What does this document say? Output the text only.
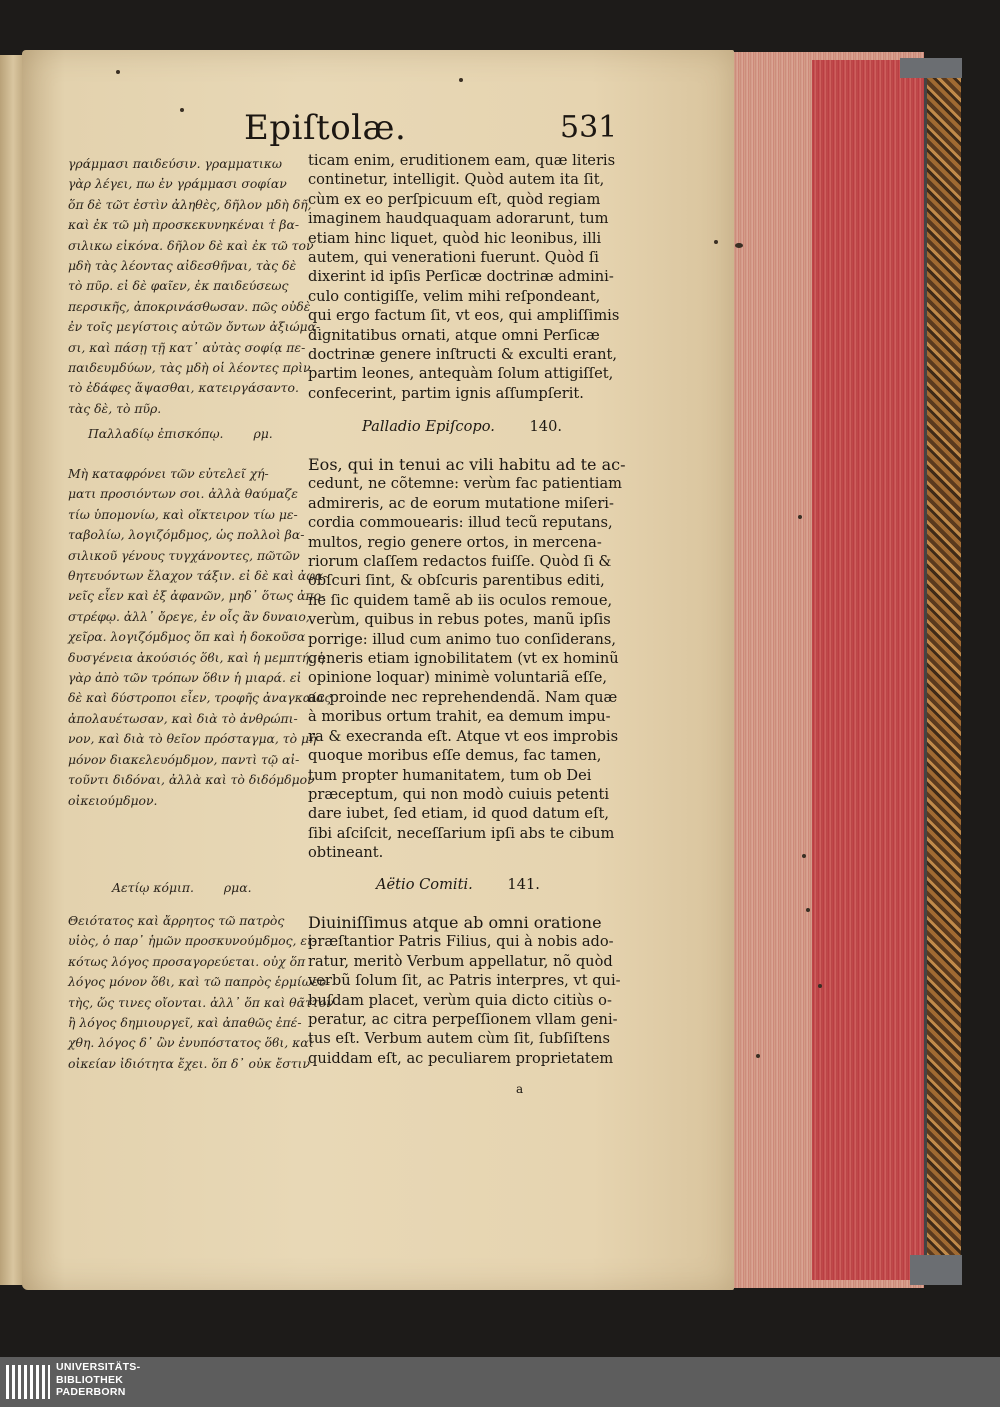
Epiſtolæ.	531
γράμμασι παιδεύσιν. γραμματικω
γὰρ λέγει, πω ἐν γράμμασι σοφίαν
ὅπ δὲ τῶτ ἐστὶν ἀληθὲς, δῆλον μδὴ δῆ,
καὶ ἐκ τῶ μὴ προσκεκυνηκέναι τ̓ βα-
σιλικω εἰκόνα. δῆλον δὲ καὶ ἐκ τῶ τον
μδὴ τὰς λέοντας αἰδεσθῆναι, τὰς δὲ
τὸ πῦρ. εἰ δὲ φαῖεν, ἐκ παιδεύσεως
περσικῆς, ἀποκρινάσθωσαν. πῶς οὐδὲ
ἐν τοῖς μεγίστοις αὐτῶν ὄντων ἀξιώμα-
σι, καὶ πάσῃ τῇ κατ᾽ αὐτὰς σοφίᾳ πε-
παιδευμδύων, τὰς μδὴ οἱ λέοντες πρὶν
τὸ ἐδάφες ἅψασθαι, κατειργάσαντο.
τὰς δὲ, τὸ πῦρ.
Παλλαδίῳ ἐπισκόπῳ. ρμ.
Μὴ καταφρόνει τῶν εὐτελεῖ χή-
ματι προσιόντων σοι. ἀλλὰ θαύμαζε
τίω ὑπομονίω, καὶ οἴκτειρον τίω με-
ταβολίω, λογιζόμδμος, ὡς πολλοὶ βα-
σιλικοῦ γένους τυγχάνοντες, πῶτῶν
θητευόντων ἔλαχον τάξιν. εἰ δὲ καὶ ἀφα-
νεῖς εἶεν καὶ ἐξ ἀφανῶν, μηδ᾽ ὅτως ἀπο-
στρέφῳ. ἀλλ᾽ ὄρεγε, ἐν οἷς ἂν δυναιο,
χεῖρα. λογιζόμδμος ὅπ καὶ ἡ δοκοῦσα
δυσγένεια ἀκούσιός ὅϐι, καὶ ἡ μεμπτή. ἡ
γὰρ ἀπὸ τῶν τρόπων ὅϐιν ἡ μιαρά. εἰ
δὲ καὶ δύστροποι εἶεν, τροφῆς ἀναγκαίας
ἀπολαυέτωσαν, καὶ διὰ τὸ ἀνθρώπι-
νον, καὶ διὰ τὸ θεῖον πρόσταγμα, τὸ μὴ
μόνον διακελευόμδμον, παντὶ τῷ αἰ-
τοῦντι διδόναι, ἀλλὰ καὶ τὸ διδόμδμον
οἰκειούμδμον.
Αετίῳ κόμιπ. ρμα.
Θειότατος καὶ ἄρρητος τῶ πατρὸς
υἱὸς, ὁ παρ᾽ ἡμῶν προσκυνούμδμος, εἰ-
κότως λόγος προσαγορεύεται. οὐχ ὅπ
λόγος μόνον ὅϐι, καὶ τῶ παπρὸς ἑρμίωευ-
τὴς, ὥς τινες οἴονται. ἀλλ᾽ ὅπ καὶ θᾶττον
ἢ λόγος δημιουργεῖ, καὶ ἀπαθῶς ἐπέ-
χθη. λόγος δ᾽ ὢν ἐνυπόστατος ὅϐι, καὶ
οἰκείαν ἰδιότητα ἔχει. ὅπ δ᾽ οὐκ ἔστιν
ticam enim, eruditionem eam, quæ literis
continetur, intelligit. Quòd autem ita ſit,
cùm ex eo perſpicuum eſt, quòd regiam
imaginem haudquaquam adorarunt, tum
etiam hinc liquet, quòd hic leonibus, illi
autem, qui venerationi fuerunt. Quòd ſi
dixerint id ipſis Perſicæ doctrinæ admini-
culo contigiſſe, velim mihi reſpondeant,
qui ergo factum ſit, vt eos, qui ampliſſimis
dignitatibus ornati, atque omni Perſicæ
doctrinæ genere inſtructi & exculti erant,
partim leones, antequàm ſolum attigiſſet,
confecerint, partim ignis aſſumpſerit.
Palladio Epiſcopo. 140.
Eos, qui in tenui ac vili habitu ad te ac-
cedunt, ne cõtemne: verùm fac patientiam
admireris, ac de eorum mutatione miſeri-
cordia commouearis: illud tecũ reputans,
multos, regio genere ortos, in mercena-
riorum claſſem redactos fuiſſe. Quòd ſi &
obſcuri ſint, & obſcuris parentibus editi,
ne ſic quidem tamẽ ab iis oculos remoue,
verùm, quibus in rebus potes, manũ ipſis
porrige: illud cum animo tuo conſiderans,
generis etiam ignobilitatem (vt ex hominũ
opinione loquar) minimè voluntariã eſſe,
ac proinde nec reprehendendã. Nam quæ
à moribus ortum trahit, ea demum impu-
ra & execranda eſt. Atque vt eos improbis
quoque moribus eſſe demus, fac tamen,
tum propter humanitatem, tum ob Dei
præceptum, qui non modò cuiuis petenti
dare iubet, ſed etiam, id quod datum eſt,
ſibi aſciſcit, neceſſarium ipſi abs te cibum
obtineant.
Aëtio Comiti. 141.
Diuiniſſimus atque ab omni oratione
præſtantior Patris Filius, qui à nobis ado-
ratur, meritò Verbum appellatur, nõ quòd
verbũ ſolum ſit, ac Patris interpres, vt qui-
buſdam placet, verùm quia dicto citiùs o-
peratur, ac citra perpeſſionem vllam geni-
tus eſt. Verbum autem cùm ſit, ſubſiſtens
quiddam eſt, ac peculiarem proprietatem
a
UNIVERSITÄTS-
BIBLIOTHEK
PADERBORN
